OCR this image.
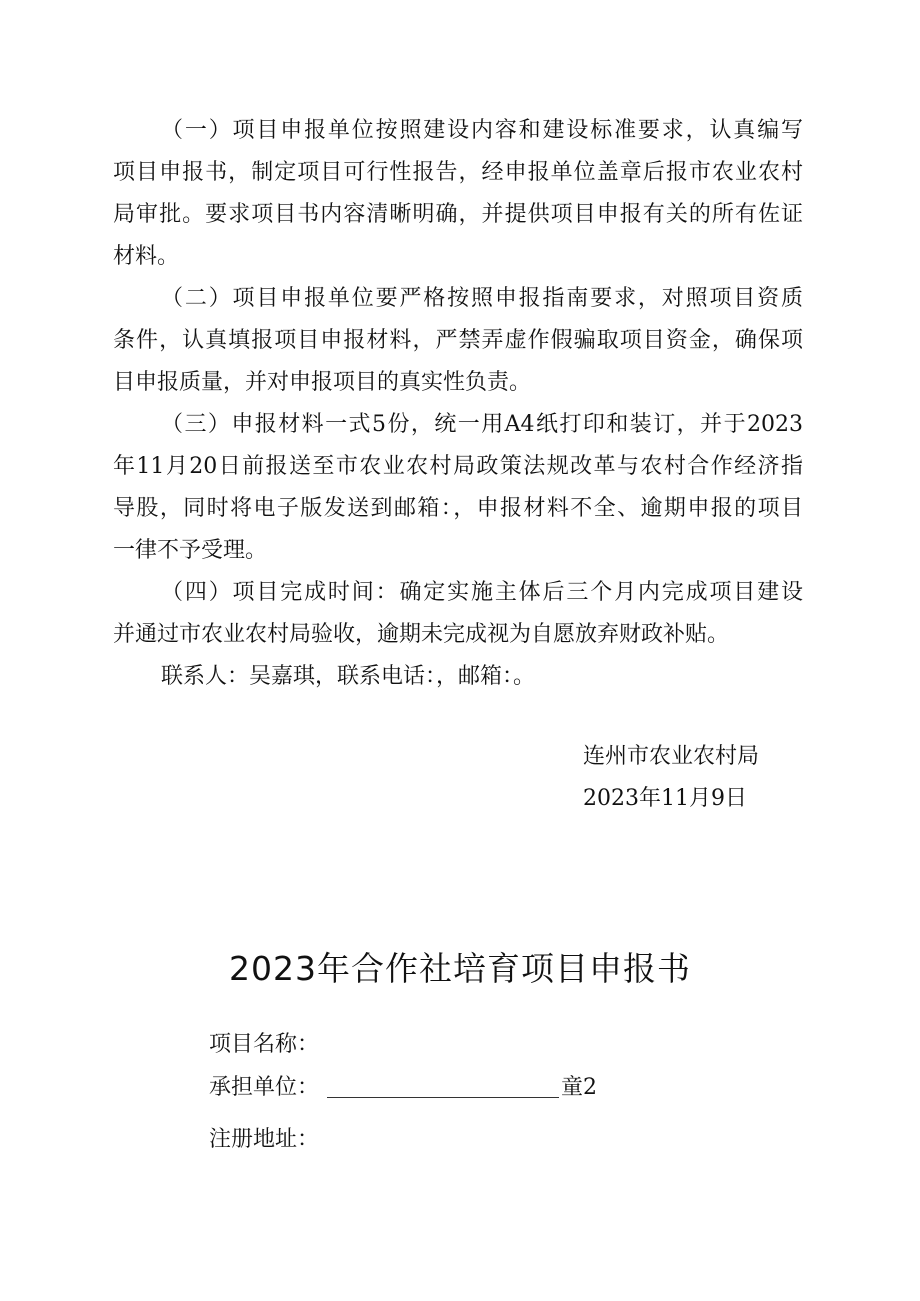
（一）项目申报单位按照建设内容和建设标准要求，认真编写
项目申报书，制定项目可行性报告，经申报单位盖章后报市农业农村
局审批。要求项目书内容清晰明确，并提供项目申报有关的所有佐证
材料。
（二）项目申报单位要严格按照申报指南要求，对照项目资质
条件，认真填报项目申报材料，严禁弄虚作假骗取项目资金，确保项
目申报质量，并对申报项目的真实性负责。
（三）申报材料一式5份，统一用A4纸打印和装订，并于2023
年11月20日前报送至市农业农村局政策法规改革与农村合作经济指
导股，同时将电子版发送到邮箱：，申报材料不全、逾期申报的项目
一律不予受理。
（四）项目完成时间：确定实施主体后三个月内完成项目建设
并通过市农业农村局验收，逾期未完成视为自愿放弃财政补贴。
联系人：吴嘉琪，联系电话：，邮箱：。
连州市农业农村局
2023年11月9日
2023年合作社培育项目申报书
项目名称：
承担单位：	童2
注册地址：
